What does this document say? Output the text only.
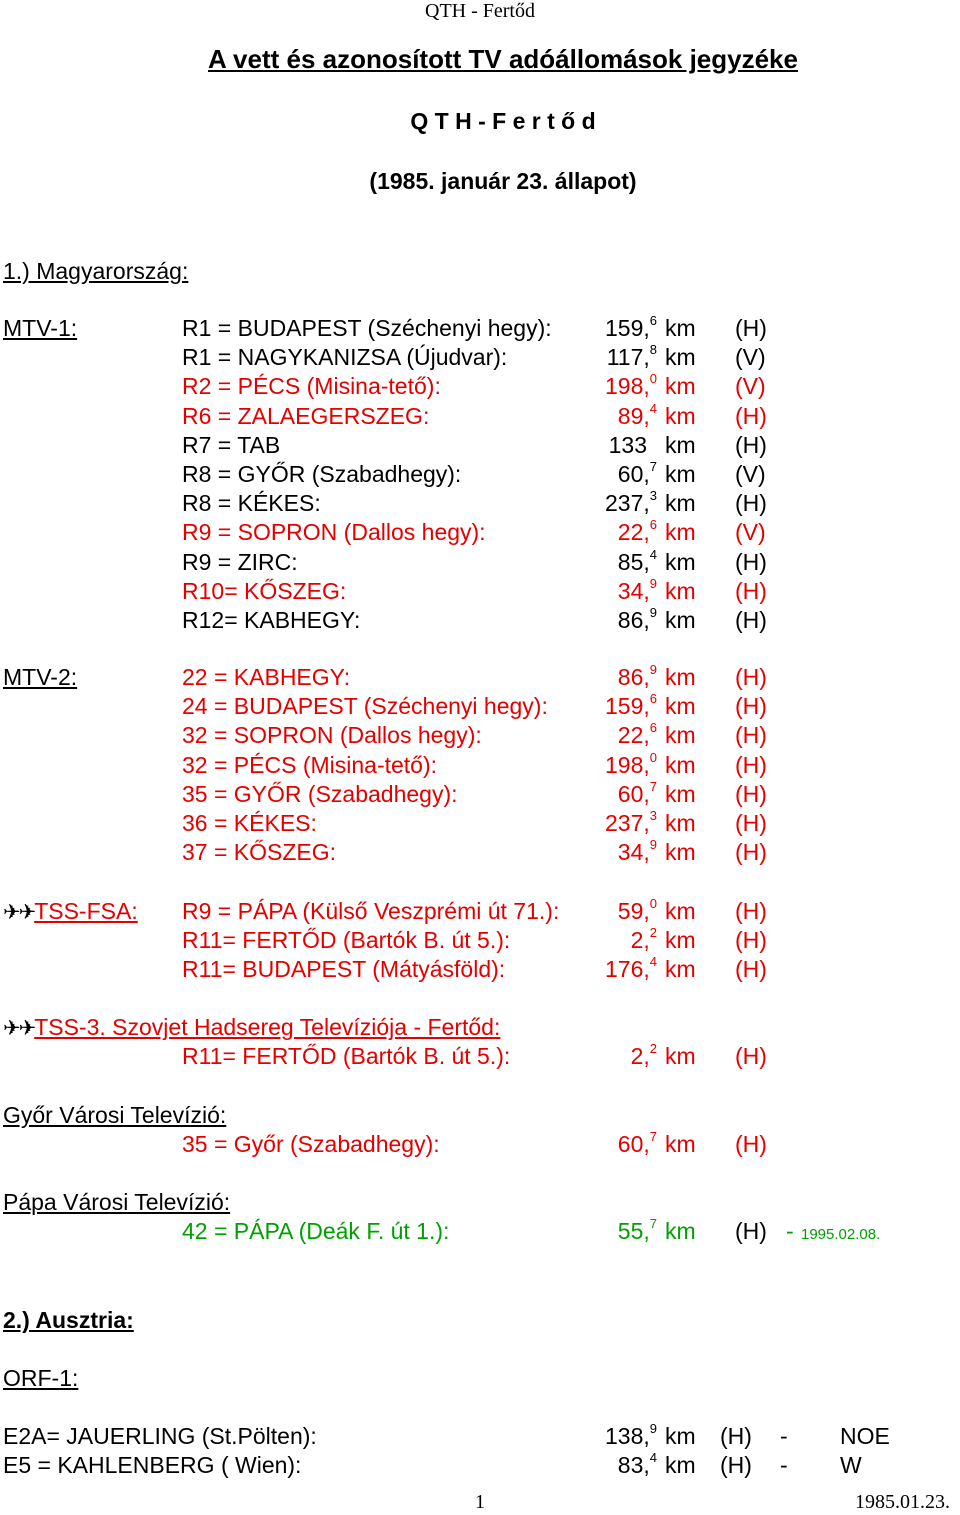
QTH - Fertőd
A vett és azonosított TV adóállomások jegyzéke
Q T H - F e r t ő d
(1985. január 23. állapot)
1.) Magyarország:
MTV-1:	R1 = BUDAPEST (Széchenyi hegy):	159,$^6$ km (H)
R1 = NAGYKANIZSA (Újudvar):	117,$^8$ km (V)
R2 = PÉCS (Misina-tető):	198,$^0$ km (V)
R6 = ZALAEGERSZEG:	89,$^4$ km (H)
R7 = TAB	133 km (H)
R8 = GYŐR (Szabadhegy):	60,$^7$ km (V)
R8 = KÉKES:	237,$^3$ km (H)
R9 = SOPRON (Dallos hegy):	22,$^6$ km (V)
R9 = ZIRC:	85,$^4$ km (H)
R10= KŐSZEG:	34,$^9$ km (H)
R12= KABHEGY:	86,$^9$ km (H)
MTV-2:	22 = KABHEGY:	86,$^9$ km (H)
24 = BUDAPEST (Széchenyi hegy):	159,$^6$ km (H)
32 = SOPRON (Dallos hegy):	22,$^6$ km (H)
32 = PÉCS (Misina-tető):	198,$^0$ km (H)
35 = GYŐR (Szabadhegy):	60,$^7$ km (H)
36 = KÉKES:	237,$^3$ km (H)
37 = KŐSZEG:	34,$^9$ km (H)
✈✈TSS-FSA: R9 = PÁPA (Külső Veszprémi út 71.):	59,$^0$ km (H)
R11= FERTŐD (Bartók B. út 5.):	2,$^2$ km (H)
R11= BUDAPEST (Mátyásföld):	176,$^4$ km (H)
✈✈TSS-3. Szovjet Hadsereg Televíziója - Fertőd:
R11= FERTŐD (Bartók B. út 5.):	2,$^2$ km (H)
Győr Városi Televízió:
35 = Győr (Szabadhegy):	60,$^7$ km (H)
Pápa Városi Televízió:
42 = PÁPA (Deák F. út 1.):	55,$^7$ km (H) - 1995.02.08.
2.) Ausztria:
ORF-1:
E2A= JAUERLING (St.Pölten):	138,$^9$ km (H) - NOE
E5 = KAHLENBERG ( Wien):	83,$^4$ km (H) - W
1	1985.01.23.
